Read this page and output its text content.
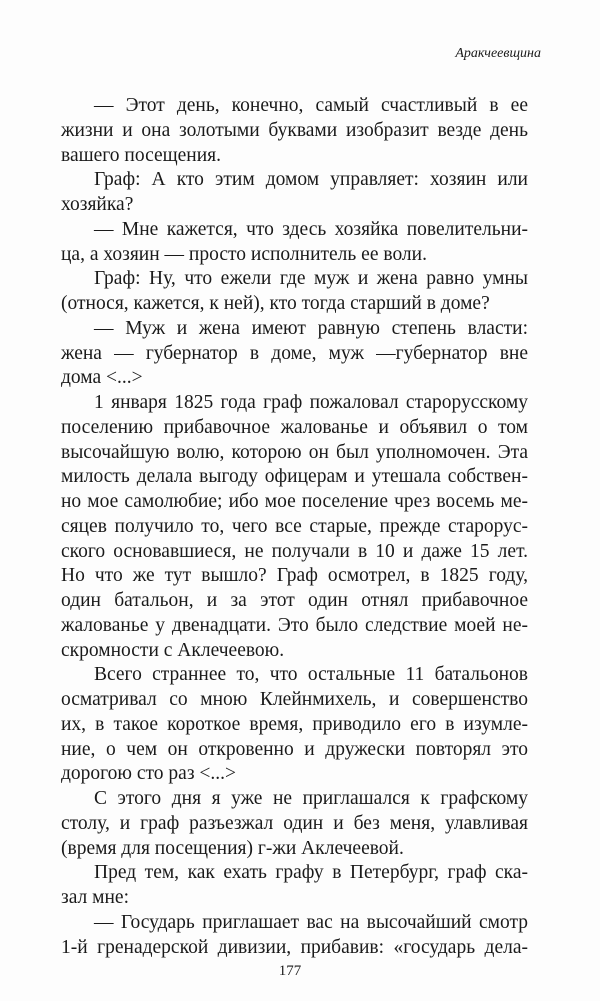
Аракчеевщина
— Этот день, конечно, самый счастливый в ее
жизни и она золотыми буквами изобразит везде день
вашего посещения.
Граф: А кто этим домом управляет: хозяин или
хозяйка?
— Мне кажется, что здесь хозяйка повелительни-
ца, а хозяин — просто исполнитель ее воли.
Граф: Ну, что ежели где муж и жена равно умны
(относя, кажется, к ней), кто тогда старший в доме?
— Муж и жена имеют равную степень власти:
жена — губернатор в доме, муж —губернатор вне
дома <...>
1 января 1825 года граф пожаловал старорусскому
поселению прибавочное жалованье и объявил о том
высочайшую волю, которою он был уполномочен. Эта
милость делала выгоду офицерам и утешала собствен-
но мое самолюбие; ибо мое поселение чрез восемь ме-
сяцев получило то, чего все старые, прежде старорус-
ского основавшиеся, не получали в 10 и даже 15 лет.
Но что же тут вышло? Граф осмотрел, в 1825 году,
один батальон, и за этот один отнял прибавочное
жалованье у двенадцати. Это было следствие моей не-
скромности с Аклечеевою.
Всего страннее то, что остальные 11 батальонов
осматривал со мною Клейнмихель, и совершенство
их, в такое короткое время, приводило его в изумле-
ние, о чем он откровенно и дружески повторял это
дорогою сто раз <...>
С этого дня я уже не приглашался к графскому
столу, и граф разъезжал один и без меня, улавливая
(время для посещения) г-жи Аклечеевой.
Пред тем, как ехать графу в Петербург, граф ска-
зал мне:
— Государь приглашает вас на высочайший смотр
1-й гренадерской дивизии, прибавив: «государь дела-
177
